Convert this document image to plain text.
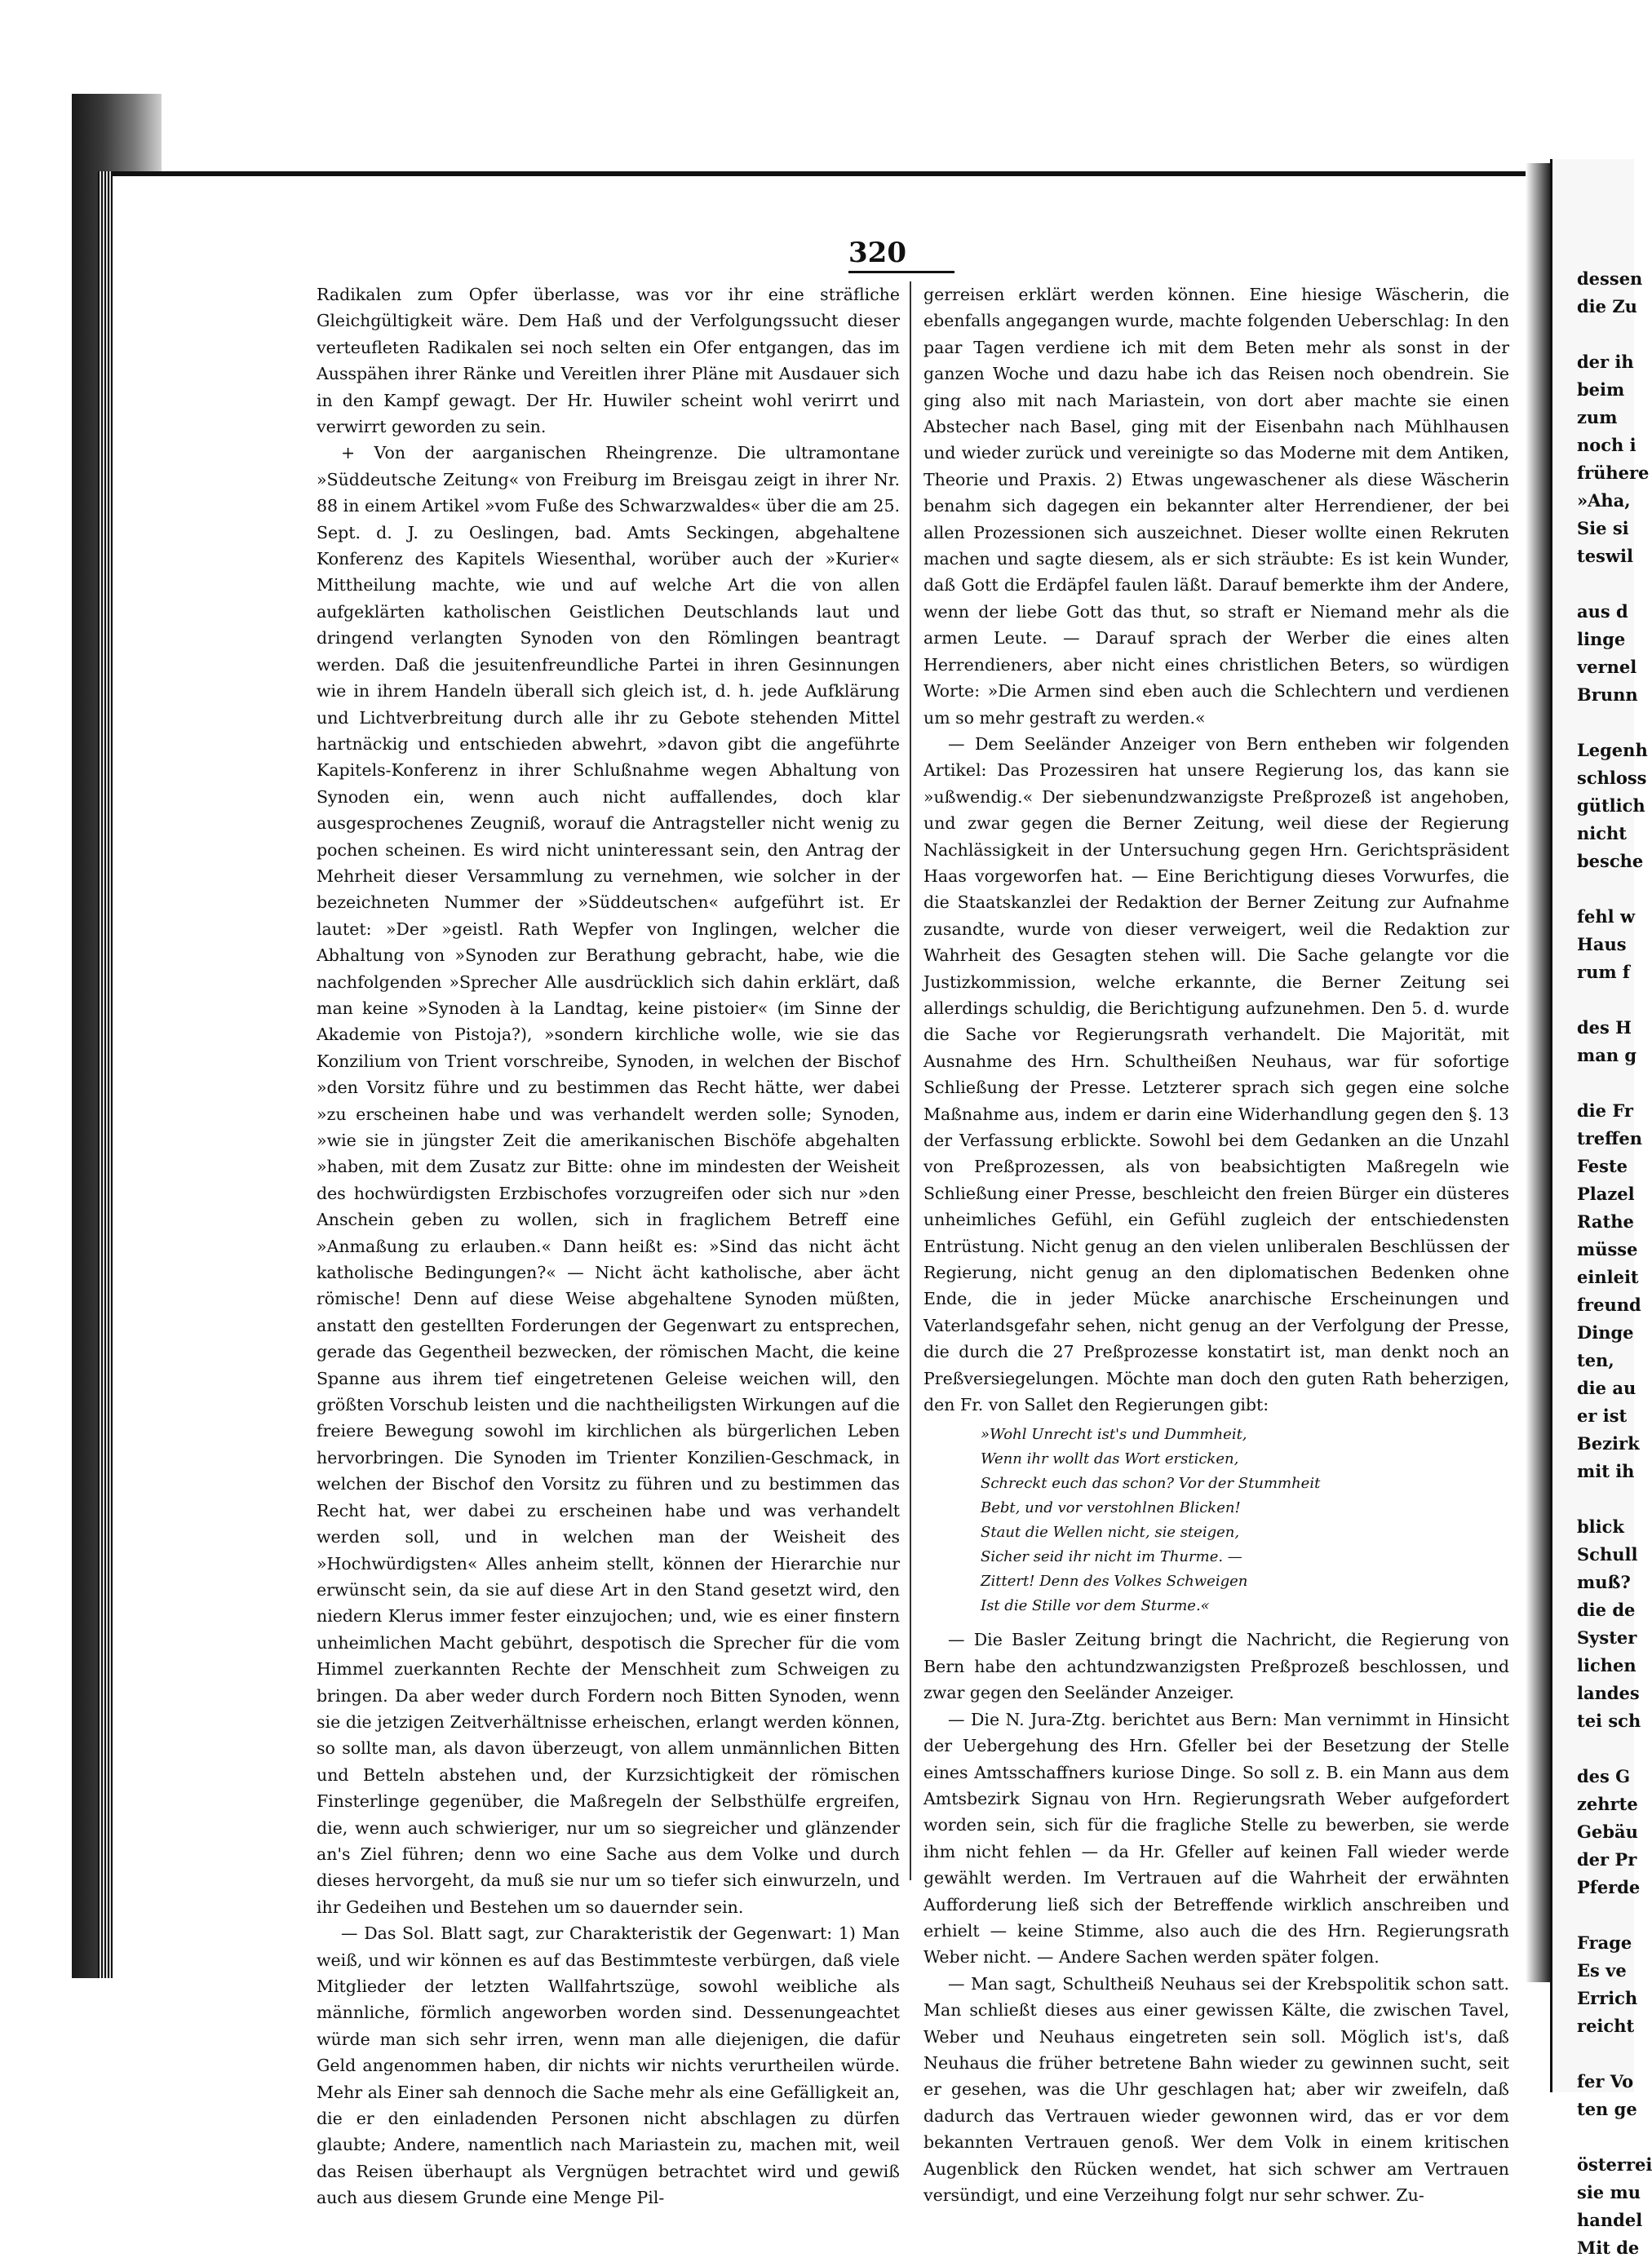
dessen
die Zu

der ih
beim
zum
noch i
frühere
»Aha,
Sie si
teswil

aus d
linge
vernel
Brunn

Legenh
schloss
gütlich
nicht
besche

fehl w
Haus
rum f

des H
man g

die Fr
treffen
Feste
Plazel
Rathe
müsse
einleit
freund
Dinge
ten,
die au
er ist
Bezirk
mit ih

blick
Schull
muß?
die de
Syster
lichen
landes
tei sch

des G
zehrte
Gebäu
der Pr
Pferde

Frage
Es ve
Errich
reicht

fer Vo
ten ge

österrei
sie mu
handel
Mit de
320

Radikalen zum Opfer überlasse, was vor ihr eine sträfliche Gleichgültigkeit wäre. Dem Haß und der Verfolgungssucht dieser verteufleten Radikalen sei noch selten ein Ofer entgangen, das im Ausspähen ihrer Ränke und Vereitlen ihrer Pläne mit Ausdauer sich in den Kampf gewagt. Der Hr. Huwiler scheint wohl verirrt und verwirrt geworden zu sein.

+ Von der aarganischen Rheingrenze. Die ultramontane »Süddeutsche Zeitung« von Freiburg im Breisgau zeigt in ihrer Nr. 88 in einem Artikel »vom Fuße des Schwarzwaldes« über die am 25. Sept. d. J. zu Oeslingen, bad. Amts Seckingen, abgehaltene Konferenz des Kapitels Wiesenthal, worüber auch der »Kurier« Mittheilung machte, wie und auf welche Art die von allen aufgeklärten katholischen Geistlichen Deutschlands laut und dringend verlangten Synoden von den Römlingen beantragt werden. Daß die jesuitenfreundliche Partei in ihren Gesinnungen wie in ihrem Handeln überall sich gleich ist, d. h. jede Aufklärung und Lichtverbreitung durch alle ihr zu Gebote stehenden Mittel hartnäckig und entschieden abwehrt, »davon gibt die angeführte Kapitels-Konferenz in ihrer Schlußnahme wegen Abhaltung von Synoden ein, wenn auch nicht auffallendes, doch klar ausgesprochenes Zeugniß, worauf die Antragsteller nicht wenig zu pochen scheinen. Es wird nicht uninteressant sein, den Antrag der Mehrheit dieser Versammlung zu vernehmen, wie solcher in der bezeichneten Nummer der »Süddeutschen« aufgeführt ist. Er lautet: »Der »geistl. Rath Wepfer von Inglingen, welcher die Abhaltung von »Synoden zur Berathung gebracht, habe, wie die nachfolgenden »Sprecher Alle ausdrücklich sich dahin erklärt, daß man keine »Synoden à la Landtag, keine pistoier« (im Sinne der Akademie von Pistoja?), »sondern kirchliche wolle, wie sie das Konzilium von Trient vorschreibe, Synoden, in welchen der Bischof »den Vorsitz führe und zu bestimmen das Recht hätte, wer dabei »zu erscheinen habe und was verhandelt werden solle; Synoden, »wie sie in jüngster Zeit die amerikanischen Bischöfe abgehalten »haben, mit dem Zusatz zur Bitte: ohne im mindesten der Weisheit des hochwürdigsten Erzbischofes vorzugreifen oder sich nur »den Anschein geben zu wollen, sich in fraglichem Betreff eine »Anmaßung zu erlauben.« Dann heißt es: »Sind das nicht ächt katholische Bedingungen?« — Nicht ächt katholische, aber ächt römische! Denn auf diese Weise abgehaltene Synoden müßten, anstatt den gestellten Forderungen der Gegenwart zu entsprechen, gerade das Gegentheil bezwecken, der römischen Macht, die keine Spanne aus ihrem tief eingetretenen Geleise weichen will, den größten Vorschub leisten und die nachtheiligsten Wirkungen auf die freiere Bewegung sowohl im kirchlichen als bürgerlichen Leben hervorbringen. Die Synoden im Trienter Konzilien-Geschmack, in welchen der Bischof den Vorsitz zu führen und zu bestimmen das Recht hat, wer dabei zu erscheinen habe und was verhandelt werden soll, und in welchen man der Weisheit des »Hochwürdigsten« Alles anheim stellt, können der Hierarchie nur erwünscht sein, da sie auf diese Art in den Stand gesetzt wird, den niedern Klerus immer fester einzujochen; und, wie es einer finstern unheimlichen Macht gebührt, despotisch die Sprecher für die vom Himmel zuerkannten Rechte der Menschheit zum Schweigen zu bringen. Da aber weder durch Fordern noch Bitten Synoden, wenn sie die jetzigen Zeitverhältnisse erheischen, erlangt werden können, so sollte man, als davon überzeugt, von allem unmännlichen Bitten und Betteln abstehen und, der Kurzsichtigkeit der römischen Finsterlinge gegenüber, die Maßregeln der Selbsthülfe ergreifen, die, wenn auch schwieriger, nur um so siegreicher und glänzender an's Ziel führen; denn wo eine Sache aus dem Volke und durch dieses hervorgeht, da muß sie nur um so tiefer sich einwurzeln, und ihr Gedeihen und Bestehen um so dauernder sein.

— Das Sol. Blatt sagt, zur Charakteristik der Gegenwart: 1) Man weiß, und wir können es auf das Bestimmteste verbürgen, daß viele Mitglieder der letzten Wallfahrtszüge, sowohl weibliche als männliche, förmlich angeworben worden sind. Dessenungeachtet würde man sich sehr irren, wenn man alle diejenigen, die dafür Geld angenommen haben, dir nichts wir nichts verurtheilen würde. Mehr als Einer sah dennoch die Sache mehr als eine Gefälligkeit an, die er den einladenden Personen nicht abschlagen zu dürfen glaubte; Andere, namentlich nach Mariastein zu, machen mit, weil das Reisen überhaupt als Vergnügen betrachtet wird und gewiß auch aus diesem Grunde eine Menge Pil-

gerreisen erklärt werden können. Eine hiesige Wäscherin, die ebenfalls angegangen wurde, machte folgenden Ueberschlag: In den paar Tagen verdiene ich mit dem Beten mehr als sonst in der ganzen Woche und dazu habe ich das Reisen noch obendrein. Sie ging also mit nach Mariastein, von dort aber machte sie einen Abstecher nach Basel, ging mit der Eisenbahn nach Mühlhausen und wieder zurück und vereinigte so das Moderne mit dem Antiken, Theorie und Praxis. 2) Etwas ungewaschener als diese Wäscherin benahm sich dagegen ein bekannter alter Herrendiener, der bei allen Prozessionen sich auszeichnet. Dieser wollte einen Rekruten machen und sagte diesem, als er sich sträubte: Es ist kein Wunder, daß Gott die Erdäpfel faulen läßt. Darauf bemerkte ihm der Andere, wenn der liebe Gott das thut, so straft er Niemand mehr als die armen Leute. — Darauf sprach der Werber die eines alten Herrendieners, aber nicht eines christlichen Beters, so würdigen Worte: »Die Armen sind eben auch die Schlechtern und verdienen um so mehr gestraft zu werden.«

— Dem Seeländer Anzeiger von Bern entheben wir folgenden Artikel: Das Prozessiren hat unsere Regierung los, das kann sie »ußwendig.« Der siebenundzwanzigste Preßprozeß ist angehoben, und zwar gegen die Berner Zeitung, weil diese der Regierung Nachlässigkeit in der Untersuchung gegen Hrn. Gerichtspräsident Haas vorgeworfen hat. — Eine Berichtigung dieses Vorwurfes, die die Staatskanzlei der Redaktion der Berner Zeitung zur Aufnahme zusandte, wurde von dieser verweigert, weil die Redaktion zur Wahrheit des Gesagten stehen will. Die Sache gelangte vor die Justizkommission, welche erkannte, die Berner Zeitung sei allerdings schuldig, die Berichtigung aufzunehmen. Den 5. d. wurde die Sache vor Regierungsrath verhandelt. Die Majorität, mit Ausnahme des Hrn. Schultheißen Neuhaus, war für sofortige Schließung der Presse. Letzterer sprach sich gegen eine solche Maßnahme aus, indem er darin eine Widerhandlung gegen den §. 13 der Verfassung erblickte. Sowohl bei dem Gedanken an die Unzahl von Preßprozessen, als von beabsichtigten Maßregeln wie Schließung einer Presse, beschleicht den freien Bürger ein düsteres unheimliches Gefühl, ein Gefühl zugleich der entschiedensten Entrüstung. Nicht genug an den vielen unliberalen Beschlüssen der Regierung, nicht genug an den diplomatischen Bedenken ohne Ende, die in jeder Mücke anarchische Erscheinungen und Vaterlandsgefahr sehen, nicht genug an der Verfolgung der Presse, die durch die 27 Preßprozesse konstatirt ist, man denkt noch an Preßversiegelungen. Möchte man doch den guten Rath beherzigen, den Fr. von Sallet den Regierungen gibt:

»Wohl Unrecht ist's und Dummheit,
Wenn ihr wollt das Wort ersticken,
Schreckt euch das schon? Vor der Stummheit
Bebt, und vor verstohlnen Blicken!
Staut die Wellen nicht, sie steigen,
Sicher seid ihr nicht im Thurme. —
Zittert! Denn des Volkes Schweigen
Ist die Stille vor dem Sturme.«

— Die Basler Zeitung bringt die Nachricht, die Regierung von Bern habe den achtundzwanzigsten Preßprozeß beschlossen, und zwar gegen den Seeländer Anzeiger.

— Die N. Jura-Ztg. berichtet aus Bern: Man vernimmt in Hinsicht der Uebergehung des Hrn. Gfeller bei der Besetzung der Stelle eines Amtsschaffners kuriose Dinge. So soll z. B. ein Mann aus dem Amtsbezirk Signau von Hrn. Regierungsrath Weber aufgefordert worden sein, sich für die fragliche Stelle zu bewerben, sie werde ihm nicht fehlen — da Hr. Gfeller auf keinen Fall wieder werde gewählt werden. Im Vertrauen auf die Wahrheit der erwähnten Aufforderung ließ sich der Betreffende wirklich anschreiben und erhielt — keine Stimme, also auch die des Hrn. Regierungsrath Weber nicht. — Andere Sachen werden später folgen.

— Man sagt, Schultheiß Neuhaus sei der Krebspolitik schon satt. Man schließt dieses aus einer gewissen Kälte, die zwischen Tavel, Weber und Neuhaus eingetreten sein soll. Möglich ist's, daß Neuhaus die früher betretene Bahn wieder zu gewinnen sucht, seit er gesehen, was die Uhr geschlagen hat; aber wir zweifeln, daß dadurch das Vertrauen wieder gewonnen wird, das er vor dem bekannten Vertrauen genoß. Wer dem Volk in einem kritischen Augenblick den Rücken wendet, hat sich schwer am Vertrauen versündigt, und eine Verzeihung folgt nur sehr schwer. Zu-
